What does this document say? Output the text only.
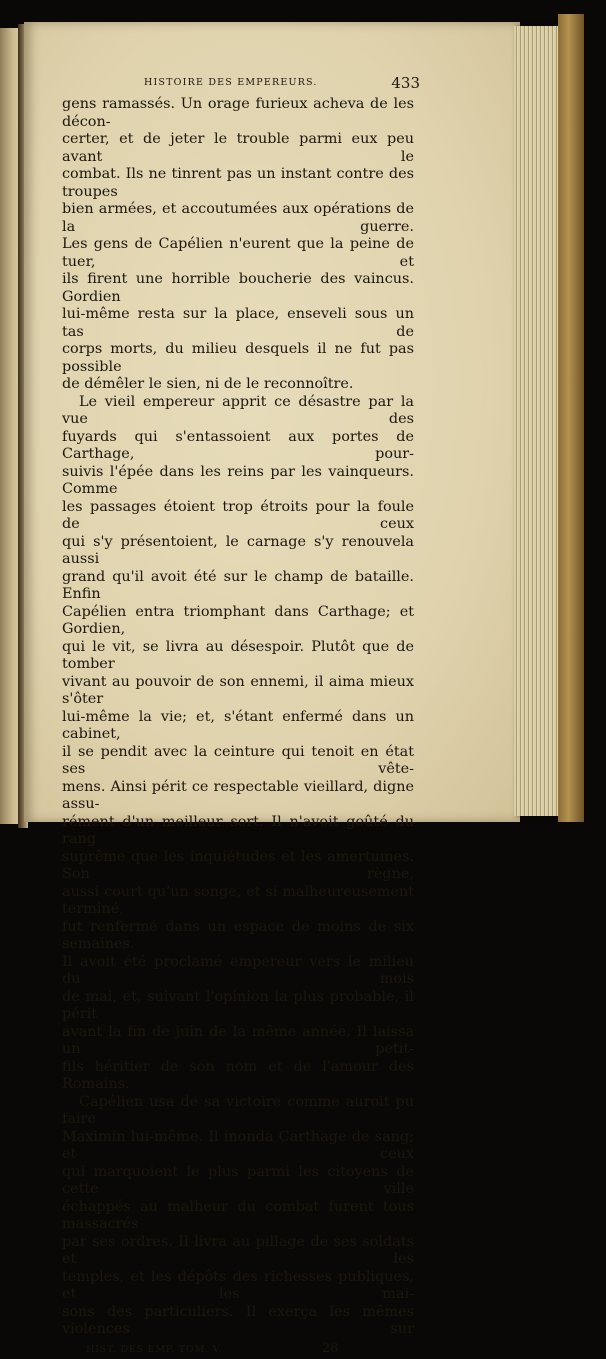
HISTOIRE DES EMPEREURS.	433

gens ramassés. Un orage furieux acheva de les décon-

certer, et de jeter le trouble parmi eux peu avant le

combat. Ils ne tinrent pas un instant contre des troupes

bien armées, et accoutumées aux opérations de la guerre.

Les gens de Capélien n'eurent que la peine de tuer, et

ils firent une horrible boucherie des vaincus. Gordien

lui-même resta sur la place, enseveli sous un tas de

corps morts, du milieu desquels il ne fut pas possible

de démêler le sien, ni de le reconnoître.

Le vieil empereur apprit ce désastre par la vue des

fuyards qui s'entassoient aux portes de Carthage, pour-

suivis l'épée dans les reins par les vainqueurs. Comme

les passages étoient trop étroits pour la foule de ceux

qui s'y présentoient, le carnage s'y renouvela aussi

grand qu'il avoit été sur le champ de bataille. Enfin

Capélien entra triomphant dans Carthage; et Gordien,

qui le vit, se livra au désespoir. Plutôt que de tomber

vivant au pouvoir de son ennemi, il aima mieux s'ôter

lui-même la vie; et, s'étant enfermé dans un cabinet,

il se pendit avec la ceinture qui tenoit en état ses vête-

mens. Ainsi périt ce respectable vieillard, digne assu-

rément d'un meilleur sort. Il n'avoit goûté du rang

suprême que les inquiétudes et les amertumes. Son règne,

aussi court qu'un songe, et si malheureusement terminé,

fut renfermé dans un espace de moins de six semaines.

Il avoit été proclamé empereur vers le milieu du mois

de mai, et, suivant l'opinion la plus probable, il périt

avant la fin de juin de la même année. Il laissa un petit-

fils héritier de son nom et de l'amour des Romains.

Capélien usa de sa victoire comme auroit pu faire

Maximin lui-même. Il inonda Carthage de sang; et ceux

qui marquoient le plus parmi les citoyens de cette ville

échappés au malheur du combat furent tous massacrés

par ses ordres. Il livra au pillage de ses soldats et les

temples, et les dépôts des richesses publiques, et les mai-

sons des particuliers. Il exerça les mêmes violences sur

HIST. DES EMP. TOM. V.	28
